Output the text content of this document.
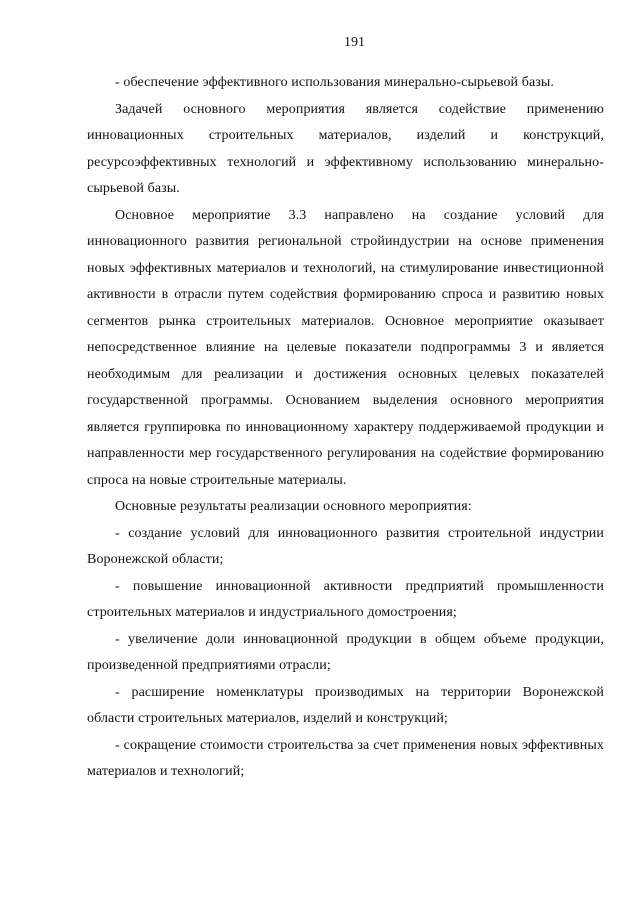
191

- обеспечение эффективного использования минерально-сырьевой базы.

Задачей основного мероприятия является содействие применению инновационных строительных материалов, изделий и конструкций, ресурсоэффективных технологий и эффективному использованию минерально-сырьевой базы.

Основное мероприятие 3.3 направлено на создание условий для инновационного развития региональной стройиндустрии на основе применения новых эффективных материалов и технологий, на стимулирование инвестиционной активности в отрасли путем содействия формированию спроса и развитию новых сегментов рынка строительных материалов. Основное мероприятие оказывает непосредственное влияние на целевые показатели подпрограммы 3 и является необходимым для реализации и достижения основных целевых показателей государственной программы. Основанием выделения основного мероприятия является группировка по инновационному характеру поддерживаемой продукции и направленности мер государственного регулирования на содействие формированию спроса на новые строительные материалы.

Основные результаты реализации основного мероприятия:

- создание условий для инновационного развития строительной индустрии Воронежской области;

- повышение инновационной активности предприятий промышленности строительных материалов и индустриального домостроения;

- увеличение доли инновационной продукции в общем объеме продукции, произведенной предприятиями отрасли;

- расширение номенклатуры производимых на территории Воронежской области строительных материалов, изделий и конструкций;

- сокращение стоимости строительства за счет применения новых эффективных материалов и технологий;
